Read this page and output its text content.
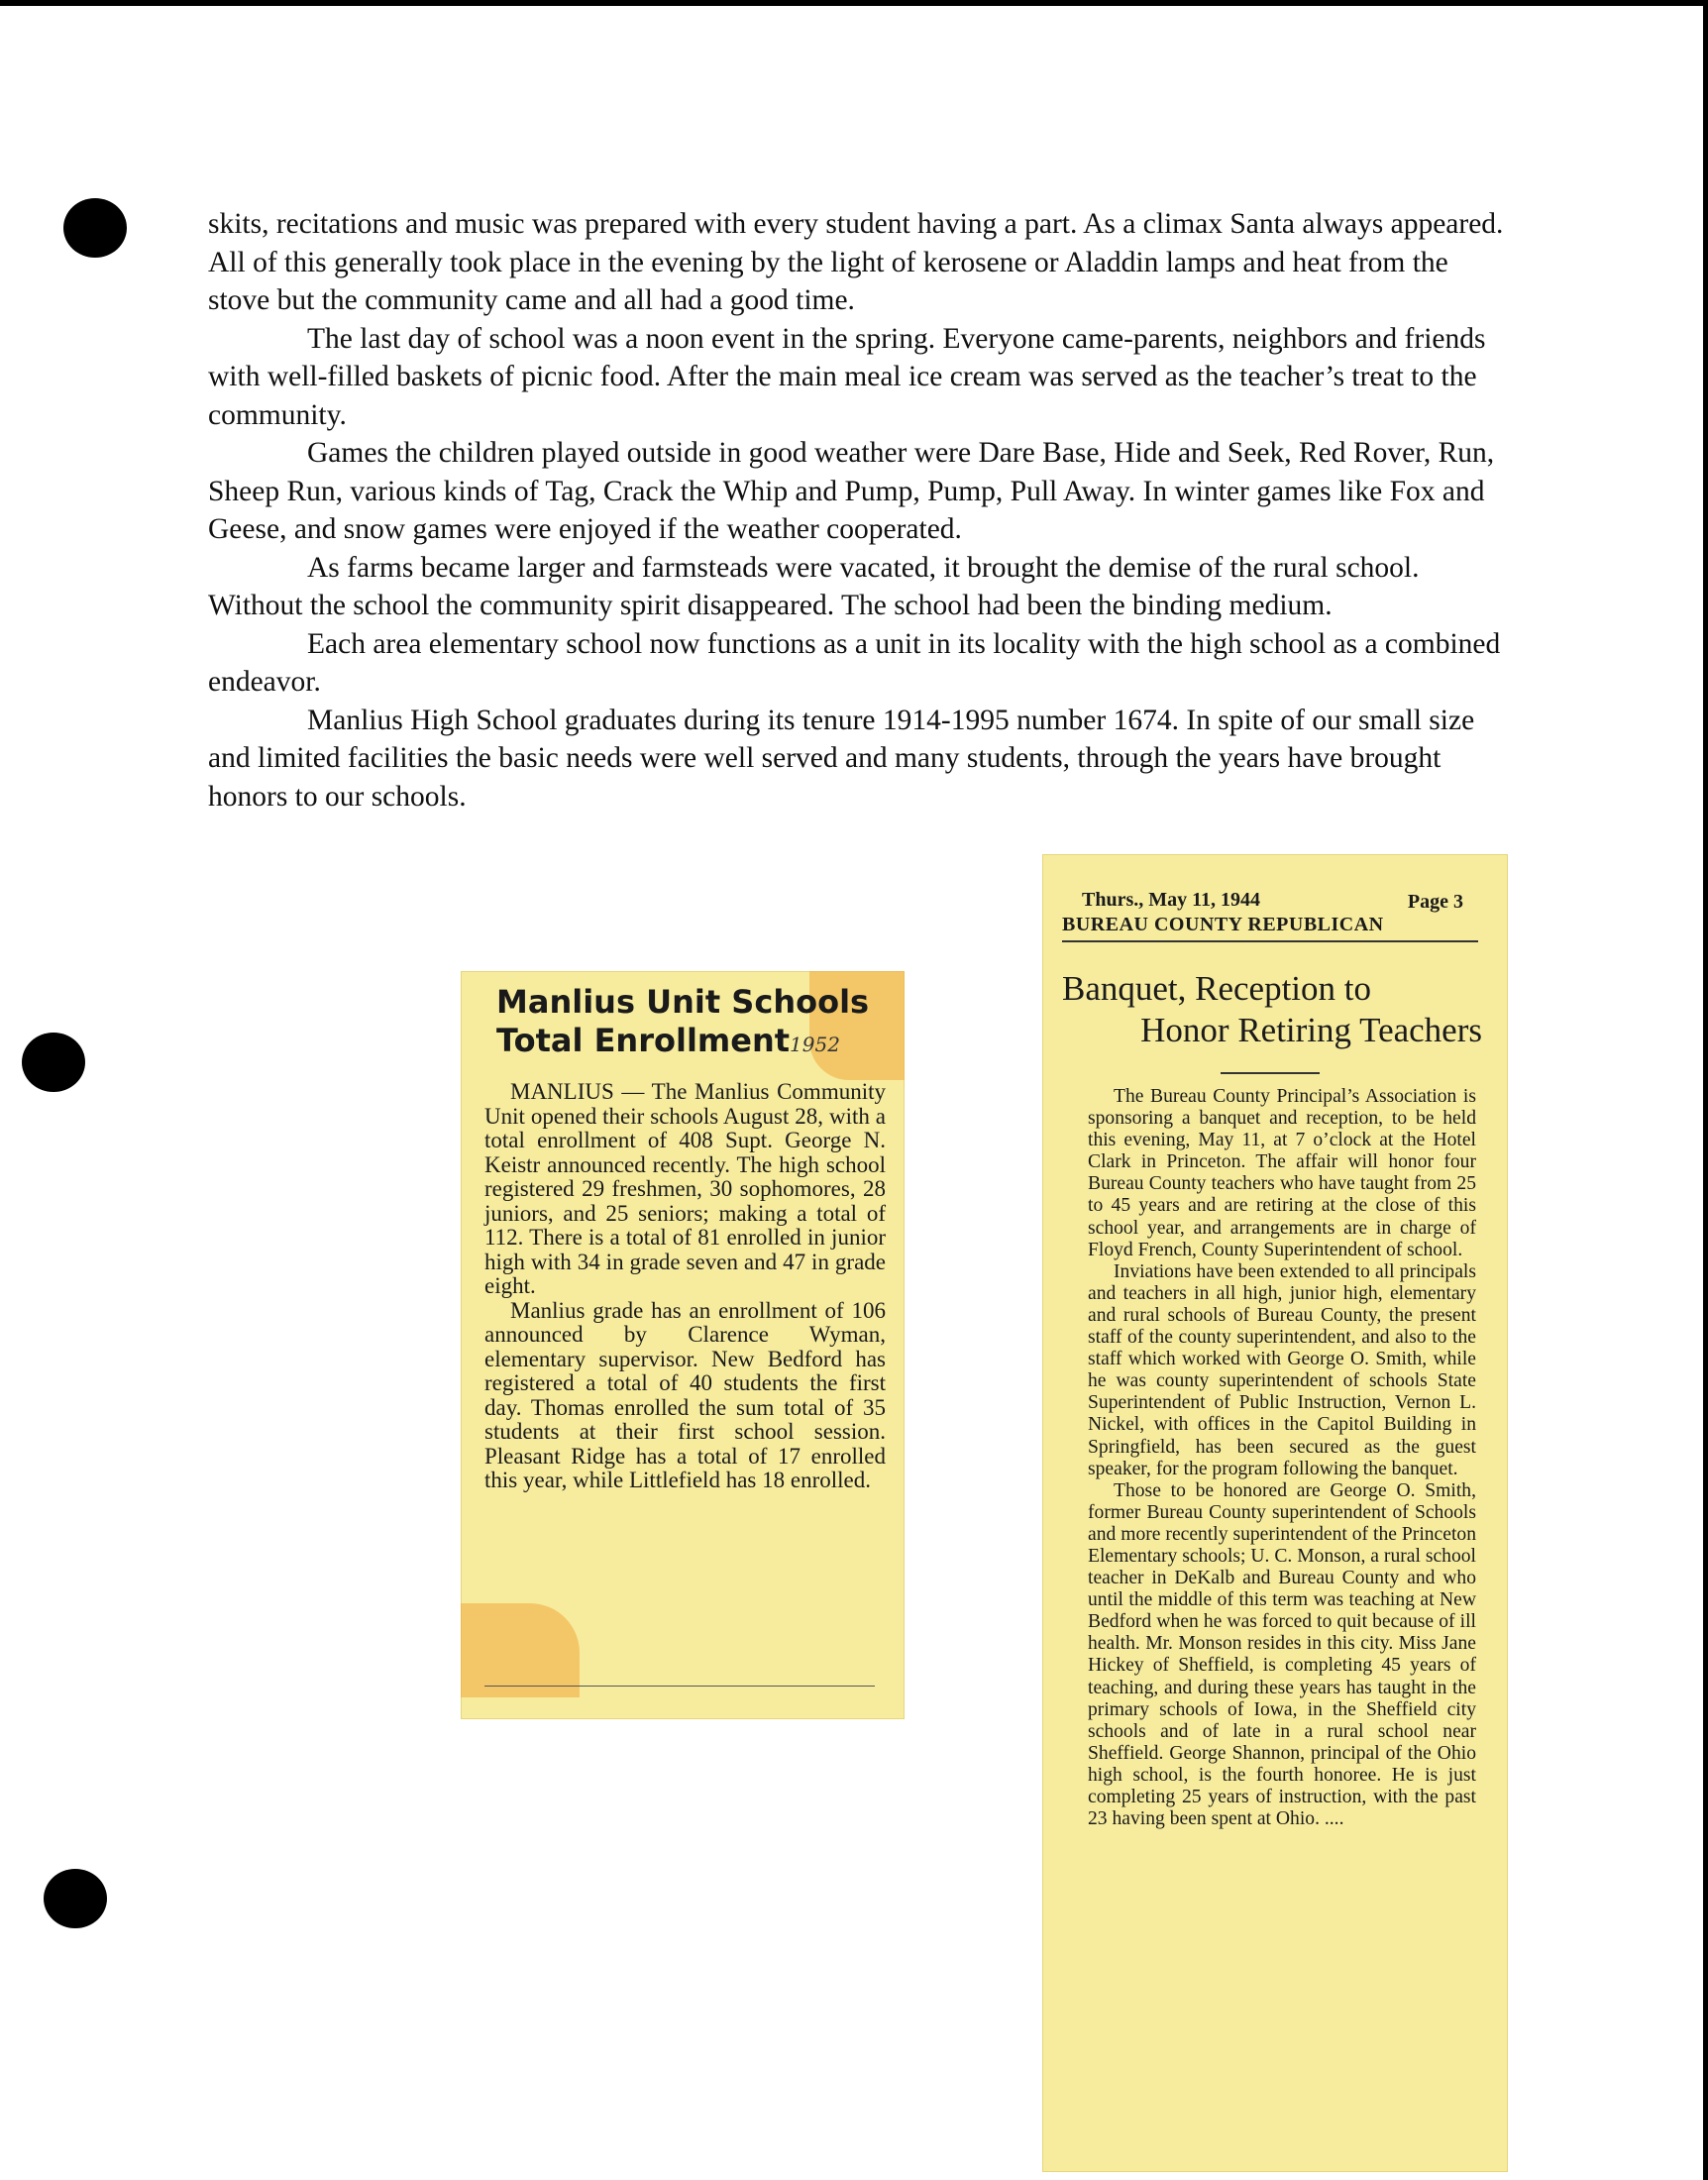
skits, recitations and music was prepared with every student having a part. As a climax Santa always appeared. All of this generally took place in the evening by the light of kerosene or Aladdin lamps and heat from the stove but the community came and all had a good time.

The last day of school was a noon event in the spring. Everyone came-parents, neighbors and friends with well-filled baskets of picnic food. After the main meal ice cream was served as the teacher’s treat to the community.

Games the children played outside in good weather were Dare Base, Hide and Seek, Red Rover, Run, Sheep Run, various kinds of Tag, Crack the Whip and Pump, Pump, Pull Away. In winter games like Fox and Geese, and snow games were enjoyed if the weather cooperated.

As farms became larger and farmsteads were vacated, it brought the demise of the rural school. Without the school the community spirit disappeared. The school had been the binding medium.

Each area elementary school now functions as a unit in its locality with the high school as a combined endeavor.

Manlius High School graduates during its tenure 1914-1995 number 1674. In spite of our small size and limited facilities the basic needs were well served and many students, through the years have brought honors to our schools.

Manlius Unit Schools Total Enrollment1952

MANLIUS — The Manlius Community Unit opened their schools August 28, with a total enrollment of 408 Supt. George N. Keistr announced recently. The high school registered 29 freshmen, 30 sophomores, 28 juniors, and 25 seniors; making a total of 112. There is a total of 81 enrolled in junior high with 34 in grade seven and 47 in grade eight.

Manlius grade has an enrollment of 106 announced by Clarence Wyman, elementary supervisor. New Bedford has registered a total of 40 students the first day. Thomas enrolled the sum total of 35 students at their first school session. Pleasant Ridge has a total of 17 enrolled this year, while Littlefield has 18 enrolled.

Thurs., May 11, 1944	Page 3
BUREAU COUNTY REPUBLICAN
Banquet, Reception to
Honor Retiring Teachers

The Bureau County Principal’s Association is sponsoring a banquet and reception, to be held this evening, May 11, at 7 o’clock at the Hotel Clark in Princeton. The affair will honor four Bureau County teachers who have taught from 25 to 45 years and are retiring at the close of this school year, and arrangements are in charge of Floyd French, County Superintendent of school.

Inviations have been extended to all principals and teachers in all high, junior high, elementary and rural schools of Bureau County, the present staff of the county superintendent, and also to the staff which worked with George O. Smith, while he was county superintendent of schools State Superintendent of Public Instruction, Vernon L. Nickel, with offices in the Capitol Building in Springfield, has been secured as the guest speaker, for the program following the banquet.

Those to be honored are George O. Smith, former Bureau County superintendent of Schools and more recently superintendent of the Princeton Elementary schools; U. C. Monson, a rural school teacher in DeKalb and Bureau County and who until the middle of this term was teaching at New Bedford when he was forced to quit because of ill health. Mr. Monson resides in this city. Miss Jane Hickey of Sheffield, is completing 45 years of teaching, and during these years has taught in the primary schools of Iowa, in the Sheffield city schools and of late in a rural school near Sheffield. George Shannon, principal of the Ohio high school, is the fourth honoree. He is just completing 25 years of instruction, with the past 23 having been spent at Ohio. ....
